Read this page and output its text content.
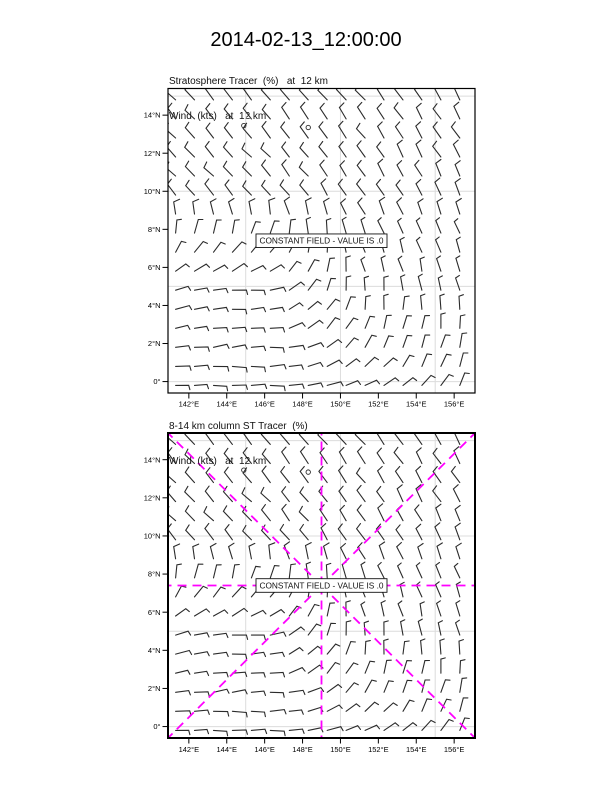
2014-02-13_12:00:00

Stratosphere Tracer  (%)   at  12 km

Wind  (kts)   at  12 km

CONSTANT FIELD - VALUE IS .0
142°E 144°E 146°E 148°E 150°E 152°E 154°E 156°E
0°
2°N
4°N
6°N
8°N
10°N
12°N
14°N
CONSTANT FIELD - VALUE IS .0
142°E 144°E 146°E 148°E 150°E 152°E 154°E 156°E
0°
2°N
4°N
6°N
8°N
10°N
12°N
14°N

8-14 km column ST Tracer  (%)

Wind  (kts)   at  12 km
